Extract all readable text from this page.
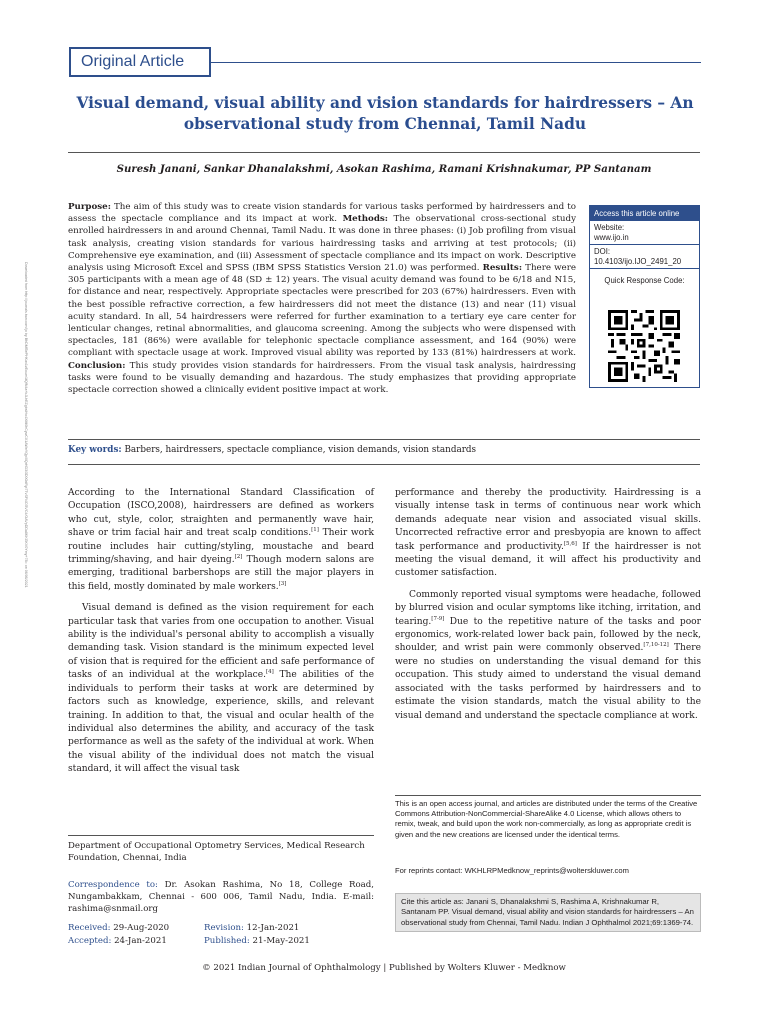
Downloaded from http://journals.lww.com/ijo by BhDMf5ePHKav1zEoum1tQfN4a+kJLhEZgbsIHo4XMi0hCywCX1AWnYQp/IlQrHD3i3D0OdRyi7TvSFl4Cf3VC4/OAVpDDa8KKGKV0Ymy+78= on 06/06/2021
Original Article
Visual demand, visual ability and vision standards for hairdressers – An observational study from Chennai, Tamil Nadu
Suresh Janani, Sankar Dhanalakshmi, Asokan Rashima, Ramani Krishnakumar, PP Santanam
Purpose: The aim of this study was to create vision standards for various tasks performed by hairdressers and to assess the spectacle compliance and its impact at work. Methods: The observational cross-sectional study enrolled hairdressers in and around Chennai, Tamil Nadu. It was done in three phases: (i) Job profiling from visual task analysis, creating vision standards for various hairdressing tasks and arriving at test protocols; (ii) Comprehensive eye examination, and (iii) Assessment of spectacle compliance and its impact on work. Descriptive analysis using Microsoft Excel and SPSS (IBM SPSS Statistics Version 21.0) was performed. Results: There were 305 participants with a mean age of 48 (SD ± 12) years. The visual acuity demand was found to be 6/18 and N15, for distance and near, respectively. Appropriate spectacles were prescribed for 203 (67%) hairdressers. Even with the best possible refractive correction, a few hairdressers did not meet the distance (13) and near (11) visual acuity standard. In all, 54 hairdressers were referred for further examination to a tertiary eye care center for lenticular changes, retinal abnormalities, and glaucoma screening. Among the subjects who were dispensed with spectacles, 181 (86%) were available for telephonic spectacle compliance assessment, and 164 (90%) were compliant with spectacle usage at work. Improved visual ability was reported by 133 (81%) hairdressers at work. Conclusion: This study provides vision standards for hairdressers. From the visual task analysis, hairdressing tasks were found to be visually demanding and hazardous. The study emphasizes that providing appropriate spectacle correction showed a clinically evident positive impact at work.
Access this article online
Website:
www.ijo.in
DOI:
10.4103/ijo.IJO_2491_20
Quick Response Code:
Key words: Barbers, hairdressers, spectacle compliance, vision demands, vision standards

According to the International Standard Classification of Occupation (ISCO,2008), hairdressers are defined as workers who cut, style, color, straighten and permanently wave hair, shave or trim facial hair and treat scalp conditions.[1] Their work routine includes hair cutting/styling, moustache and beard trimming/shaving, and hair dyeing.[2] Though modern salons are emerging, traditional barbershops are still the major players in this field, mostly dominated by male workers.[3]

Visual demand is defined as the vision requirement for each particular task that varies from one occupation to another. Visual ability is the individual's personal ability to accomplish a visually demanding task. Vision standard is the minimum expected level of vision that is required for the efficient and safe performance of tasks of an individual at the workplace.[4] The abilities of the individuals to perform their tasks at work are determined by factors such as knowledge, experience, skills, and relevant training. In addition to that, the visual and ocular health of the individual also determines the ability, and accuracy of the task performance as well as the safety of the individual at work. When the visual ability of the individual does not match the visual standard, it will affect the visual task

performance and thereby the productivity. Hairdressing is a visually intense task in terms of continuous near work which demands adequate near vision and associated visual skills. Uncorrected refractive error and presbyopia are known to affect task performance and productivity.[5,6] If the hairdresser is not meeting the visual demand, it will affect his productivity and customer satisfaction.

Commonly reported visual symptoms were headache, followed by blurred vision and ocular symptoms like itching, irritation, and tearing.[7-9] Due to the repetitive nature of the tasks and poor ergonomics, work-related lower back pain, followed by the neck, shoulder, and wrist pain were commonly observed.[7,10-12] There were no studies on understanding the visual demand for this occupation. This study aimed to understand the visual demand associated with the tasks performed by hairdressers and to estimate the vision standards, match the visual ability to the visual demand and understand the spectacle compliance at work.

Department of Occupational Optometry Services, Medical Research Foundation, Chennai, India
Correspondence to: Dr. Asokan Rashima, No 18, College Road, Nungambakkam, Chennai - 600 006, Tamil Nadu, India. E-mail: rashima@snmail.org
Received: 29-Aug-2020	Revision: 12-Jan-2021
Accepted: 24-Jan-2021	Published: 21-May-2021
This is an open access journal, and articles are distributed under the terms of the Creative Commons Attribution-NonCommercial-ShareAlike 4.0 License, which allows others to remix, tweak, and build upon the work non-commercially, as long as appropriate credit is given and the new creations are licensed under the identical terms.
For reprints contact: WKHLRPMedknow_reprints@wolterskluwer.com
Cite this article as: Janani S, Dhanalakshmi S, Rashima A, Krishnakumar R, Santanam PP. Visual demand, visual ability and vision standards for hairdressers – An observational study from Chennai, Tamil Nadu. Indian J Ophthalmol 2021;69:1369-74.
© 2021 Indian Journal of Ophthalmology | Published by Wolters Kluwer - Medknow
